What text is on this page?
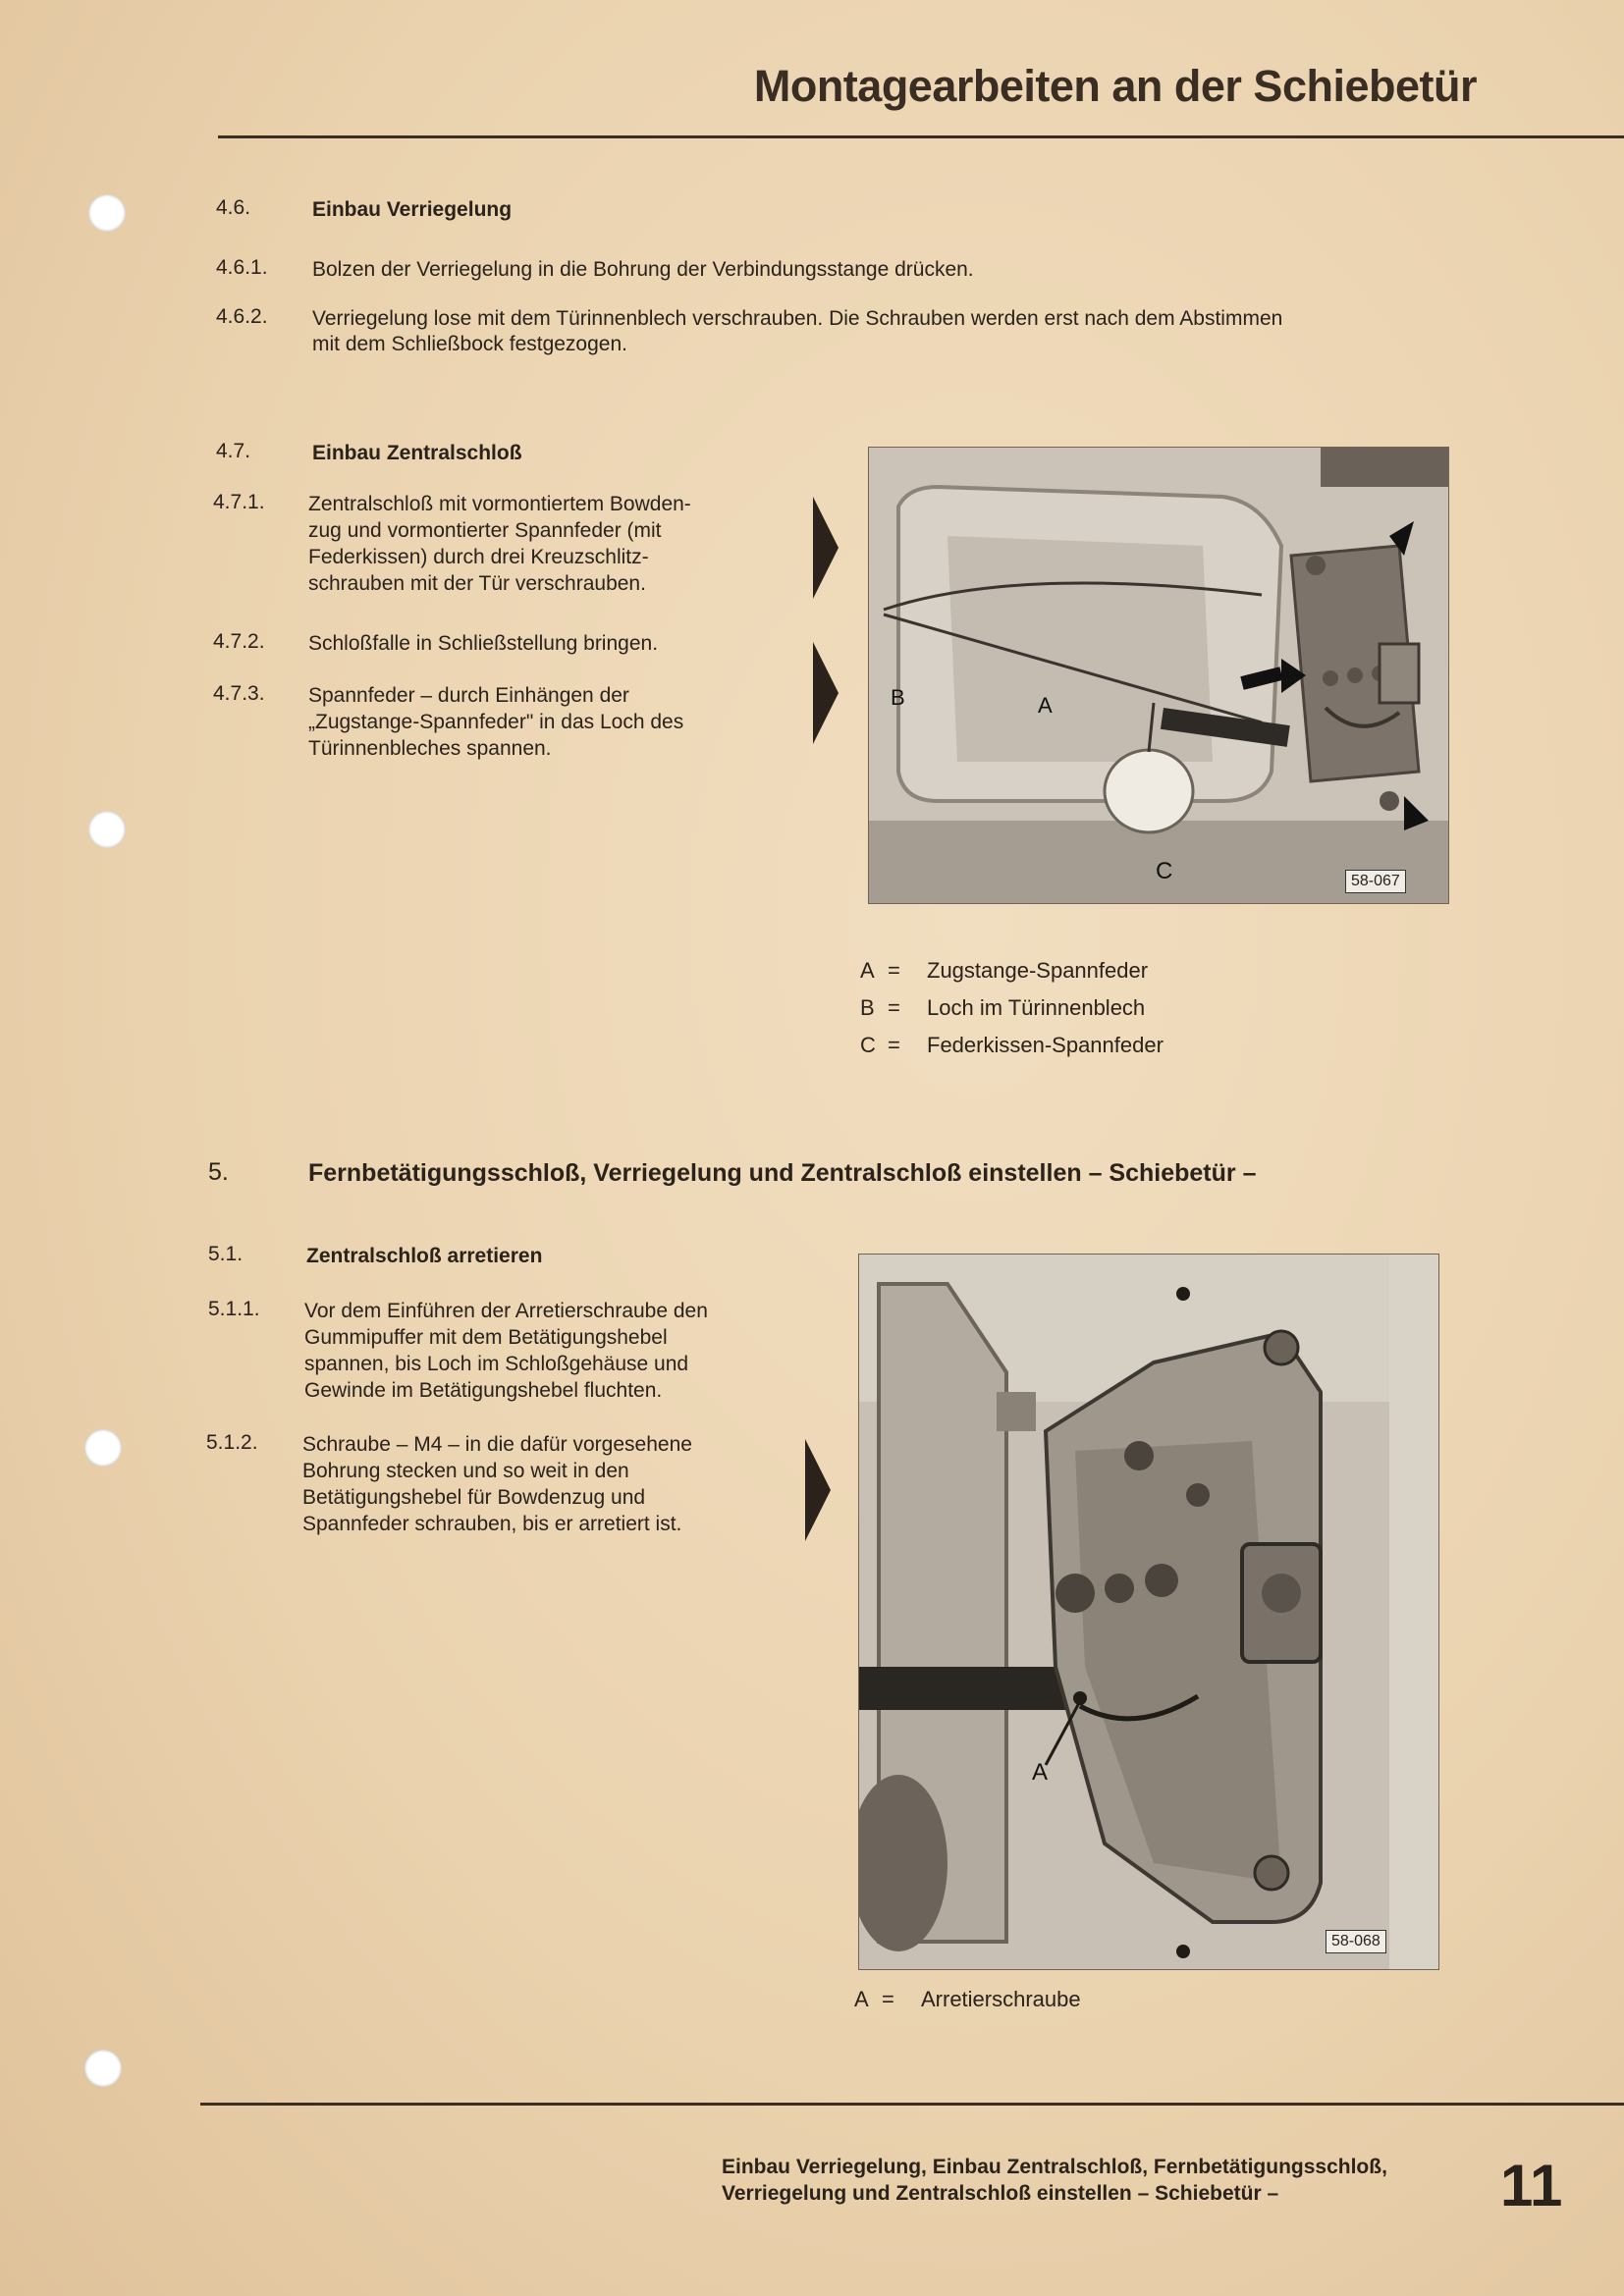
Montagearbeiten an der Schiebetür
4.6.	Einbau Verriegelung
4.6.1. Bolzen der Verriegelung in die Bohrung der Verbindungsstange drücken.
4.6.2. Verriegelung lose mit dem Türinnenblech verschrauben. Die Schrauben werden erst nach dem Abstimmen
mit dem Schließbock festgezogen.
4.7.	Einbau Zentralschloß
4.7.1. Zentralschloß mit vormontiertem Bowden-
zug und vormontierter Spannfeder (mit
Federkissen) durch drei Kreuzschlitz-
schrauben mit der Tür verschrauben.
4.7.2. Schloßfalle in Schließstellung bringen.
4.7.3. Spannfeder – durch Einhängen der
„Zugstange-Spannfeder" in das Loch des
Türinnenbleches spannen.
B	A
C	58-067
A = Zugstange-Spannfeder
B = Loch im Türinnenblech
C = Federkissen-Spannfeder
5.	Fernbetätigungsschloß, Verriegelung und Zentralschloß einstellen – Schiebetür –
5.1.	Zentralschloß arretieren
5.1.1. Vor dem Einführen der Arretierschraube den
Gummipuffer mit dem Betätigungshebel
spannen, bis Loch im Schloßgehäuse und
Gewinde im Betätigungshebel fluchten.
5.1.2. Schraube – M4 – in die dafür vorgesehene
Bohrung stecken und so weit in den
Betätigungshebel für Bowdenzug und
Spannfeder schrauben, bis er arretiert ist.
A
58-068
A = Arretierschraube
Einbau Verriegelung, Einbau Zentralschloß, Fernbetätigungsschloß,
Verriegelung und Zentralschloß einstellen – Schiebetür –	11
